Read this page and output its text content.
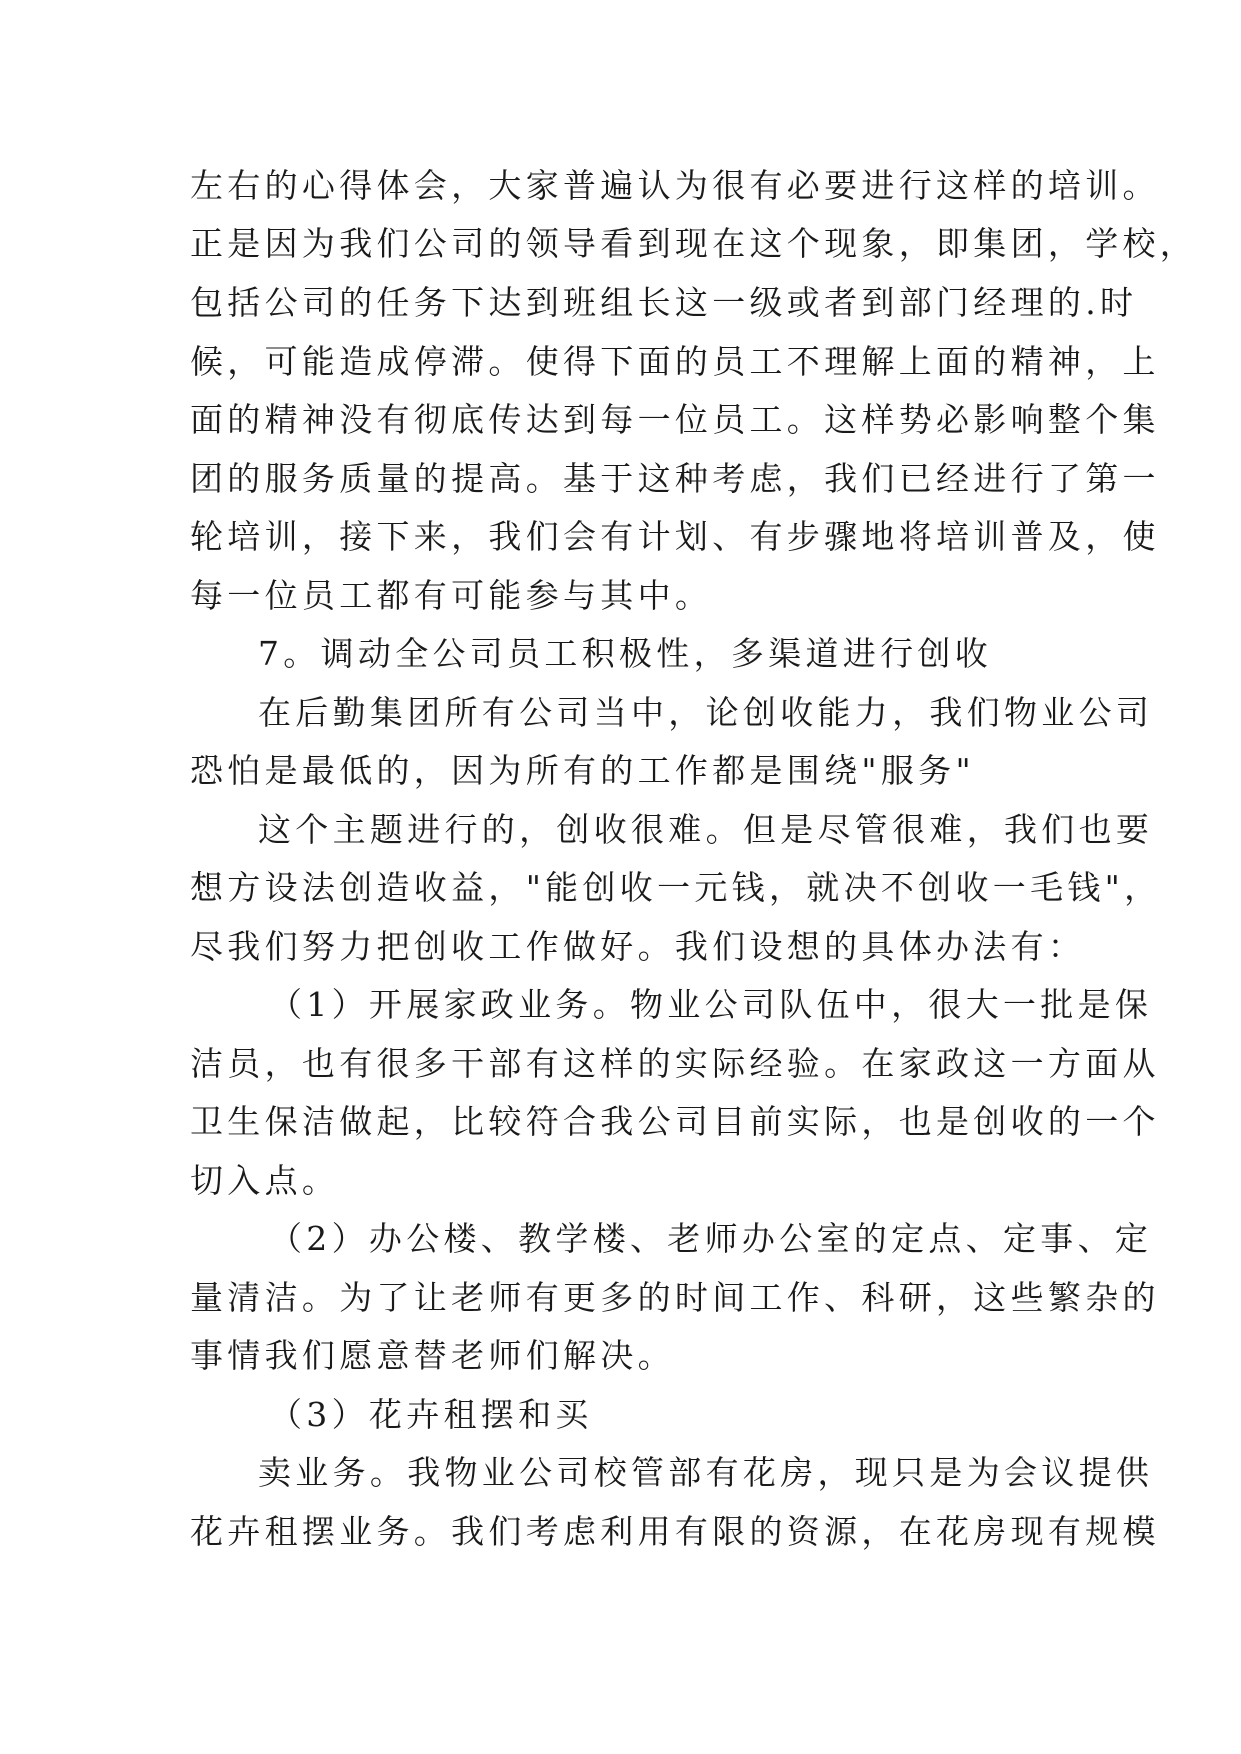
左右的心得体会，大家普遍认为很有必要进行这样的培训。
正是因为我们公司的领导看到现在这个现象，即集团，学校，
包括公司的任务下达到班组长这一级或者到部门经理的.时
候，可能造成停滞。使得下面的员工不理解上面的精神，上
面的精神没有彻底传达到每一位员工。这样势必影响整个集
团的服务质量的提高。基于这种考虑，我们已经进行了第一
轮培训，接下来，我们会有计划、有步骤地将培训普及，使
每一位员工都有可能参与其中。
7。调动全公司员工积极性，多渠道进行创收
在后勤集团所有公司当中，论创收能力，我们物业公司
恐怕是最低的，因为所有的工作都是围绕"服务"
这个主题进行的，创收很难。但是尽管很难，我们也要
想方设法创造收益，"能创收一元钱，就决不创收一毛钱"，
尽我们努力把创收工作做好。我们设想的具体办法有：
（1）开展家政业务。物业公司队伍中，很大一批是保
洁员，也有很多干部有这样的实际经验。在家政这一方面从
卫生保洁做起，比较符合我公司目前实际，也是创收的一个
切入点。
（2）办公楼、教学楼、老师办公室的定点、定事、定
量清洁。为了让老师有更多的时间工作、科研，这些繁杂的
事情我们愿意替老师们解决。
（3）花卉租摆和买
卖业务。我物业公司校管部有花房，现只是为会议提供
花卉租摆业务。我们考虑利用有限的资源，在花房现有规模
